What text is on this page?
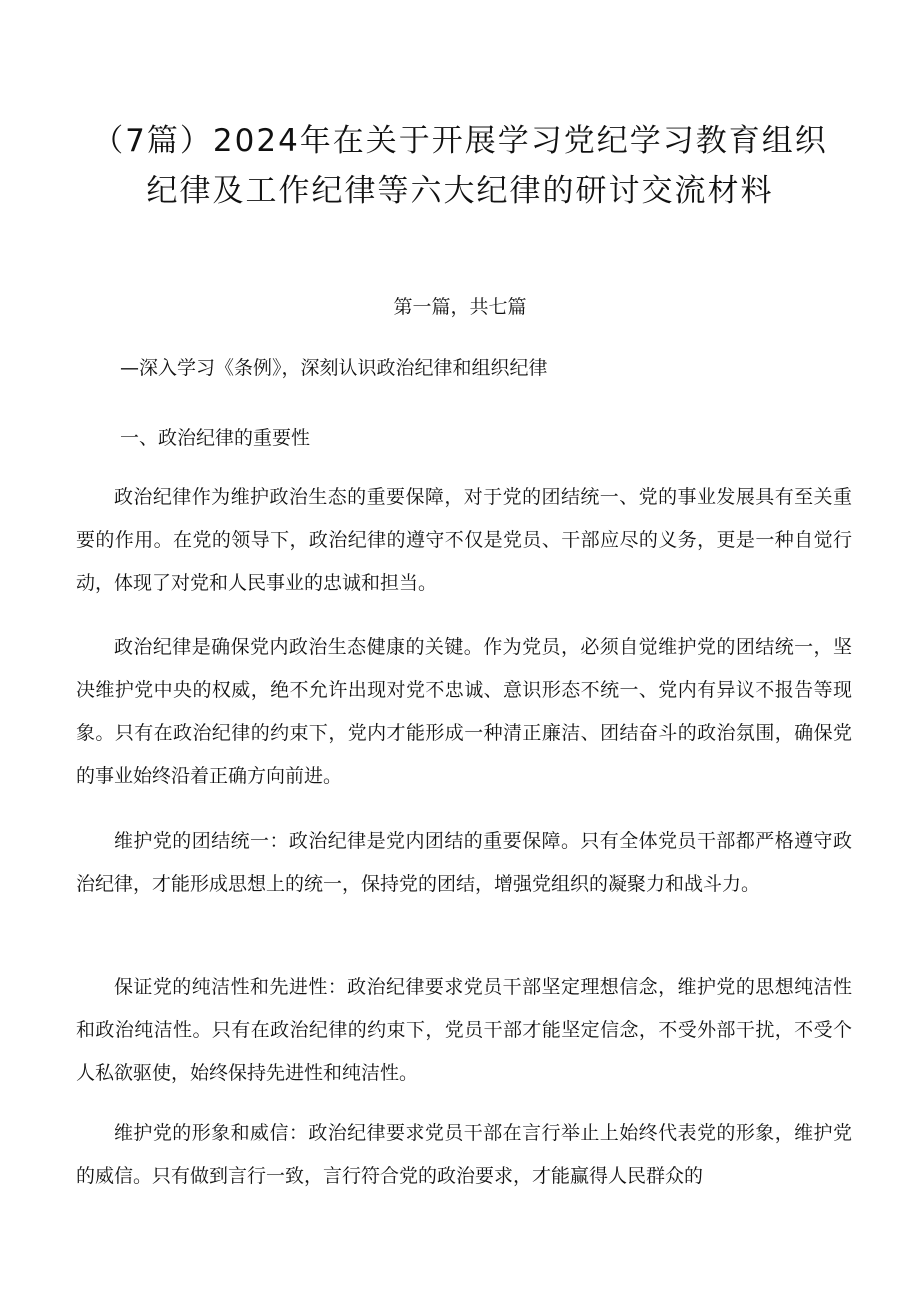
（7篇）2024年在关于开展学习党纪学习教育组织
纪律及工作纪律等六大纪律的研讨交流材料
第一篇，共七篇
—深入学习《条例》，深刻认识政治纪律和组织纪律
一、政治纪律的重要性

政治纪律作为维护政治生态的重要保障，对于党的团结统一、党的事业发展具有至关重要的作用。在党的领导下，政治纪律的遵守不仅是党员、干部应尽的义务，更是一种自觉行动，体现了对党和人民事业的忠诚和担当。

政治纪律是确保党内政治生态健康的关键。作为党员，必须自觉维护党的团结统一，坚决维护党中央的权威，绝不允许出现对党不忠诚、意识形态不统一、党内有异议不报告等现象。只有在政治纪律的约束下，党内才能形成一种清正廉洁、团结奋斗的政治氛围，确保党的事业始终沿着正确方向前进。

维护党的团结统一：政治纪律是党内团结的重要保障。只有全体党员干部都严格遵守政治纪律，才能形成思想上的统一，保持党的团结，增强党组织的凝聚力和战斗力。

保证党的纯洁性和先进性：政治纪律要求党员干部坚定理想信念，维护党的思想纯洁性和政治纯洁性。只有在政治纪律的约束下，党员干部才能坚定信念，不受外部干扰，不受个人私欲驱使，始终保持先进性和纯洁性。

维护党的形象和威信：政治纪律要求党员干部在言行举止上始终代表党的形象，维护党的威信。只有做到言行一致，言行符合党的政治要求，才能赢得人民群众的
